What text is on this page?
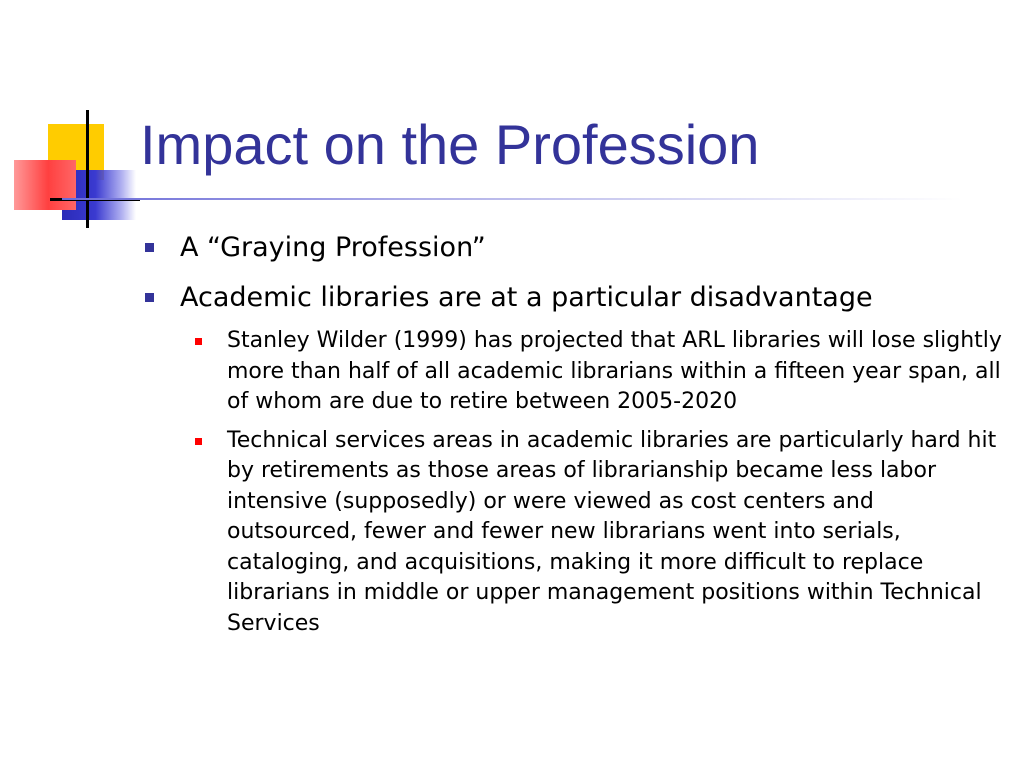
Impact on the Profession
A “Graying Profession”
Academic libraries are at a particular disadvantage
Stanley Wilder (1999) has projected that ARL libraries will lose slightly more than half of all academic librarians within a fifteen year span, all of whom are due to retire between 2005-2020
Technical services areas in academic libraries are particularly hard hit by retirements as those areas of librarianship became less labor intensive (supposedly) or were viewed as cost centers and outsourced, fewer and fewer new librarians went into serials, cataloging, and acquisitions, making it more difficult to replace librarians in middle or upper management positions within Technical Services
